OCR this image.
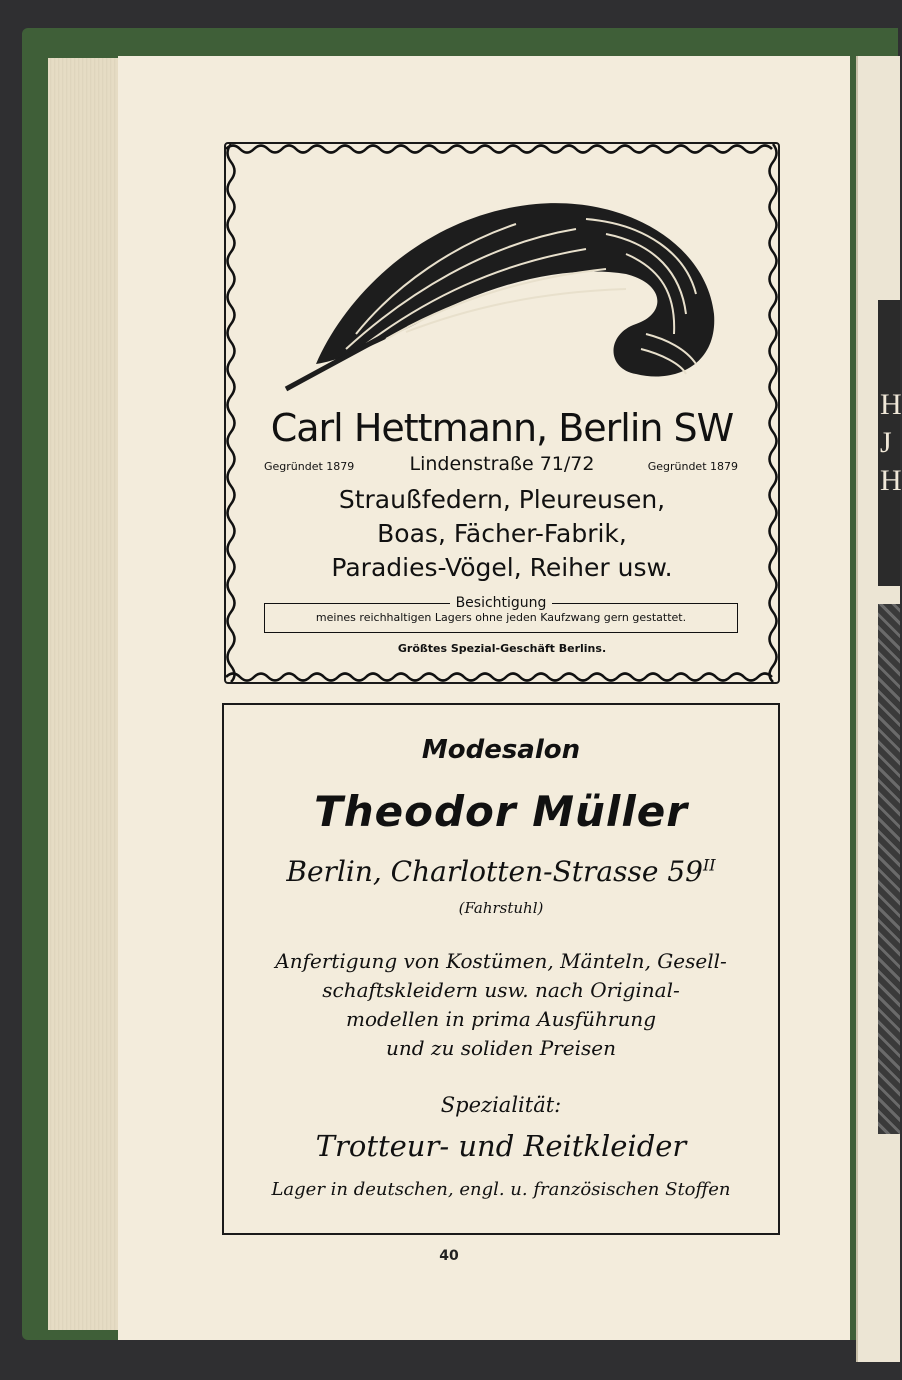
H
J
H
Carl Hettmann, Berlin SW
Gegründet 1879	Lindenstraße 71/72	Gegründet 1879
Straußfedern, Pleureusen,
Boas, Fächer-Fabrik,
Paradies-Vögel, Reiher usw.
Besichtigung
meines reichhaltigen Lagers ohne jeden Kaufzwang gern gestattet.
Größtes Spezial-Geschäft Berlins.
Modesalon
Theodor Müller
Berlin, Charlotten-Strasse $59^{II}$
(Fahrstuhl)
Anfertigung von Kostümen, Mänteln, Gesell-
schaftskleidern usw. nach Original-
modellen in prima Ausführung
und zu soliden Preisen
Spezialität:
Trotteur- und Reitkleider
Lager in deutschen, engl. u. französischen Stoffen
40
